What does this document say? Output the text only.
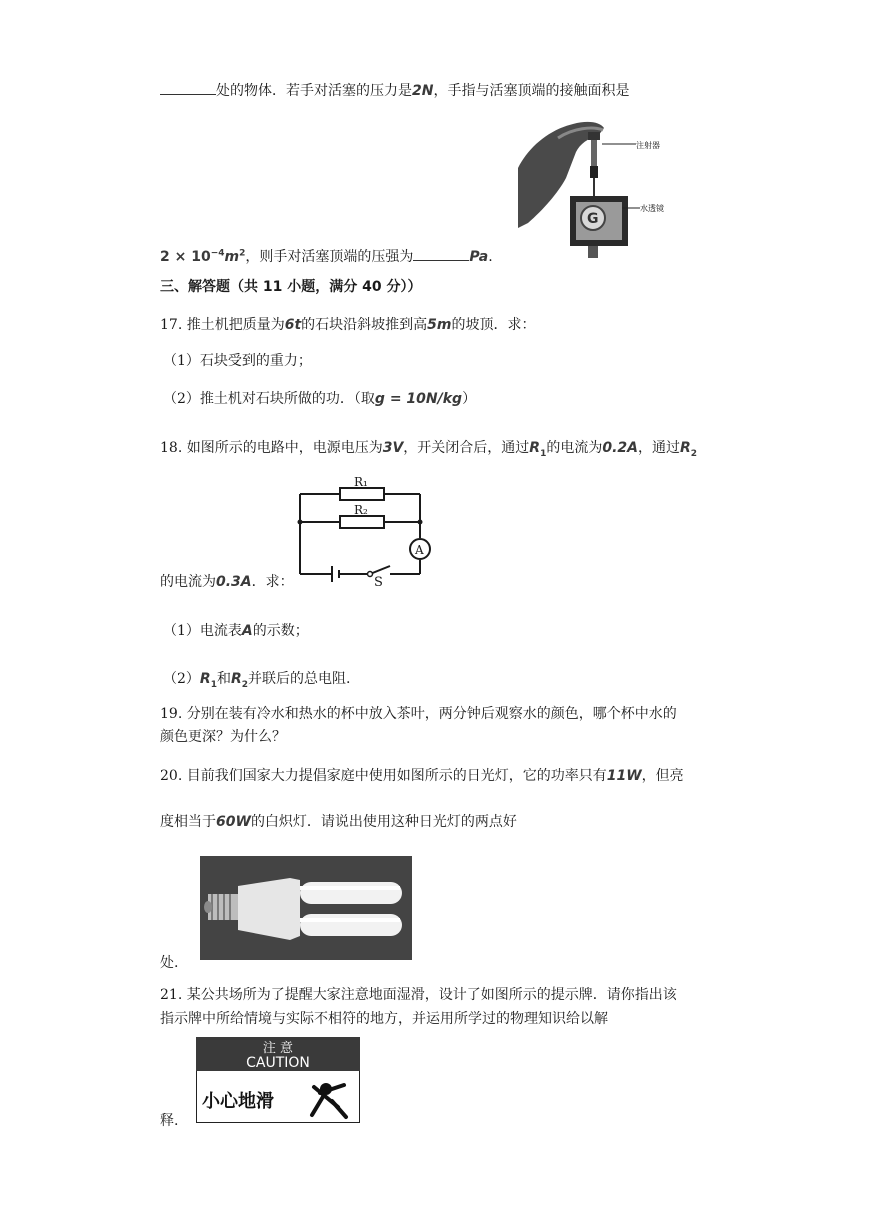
处的物体．若手对活塞的压力是2N，手指与活塞顶端的接触面积是
注射器
G
水透镜
$2 \times 10^{-4}m^2$，则手对活塞顶端的压强为	Pa.
三、解答题（共 11 小题，满分 40 分））
17. 推土机把质量为6t的石块沿斜坡推到高5m的坡顶．求：
（1）石块受到的重力；
（2）推土机对石块所做的功．（取g = 10N/kg）
18. 如图所示的电路中，电源电压为3V，开关闭合后，通过$R_1$的电流为0.2A，通过$R_2$
R₁
R₂
A
S
的电流为0.3A．求：
（1）电流表A的示数；
$(2)R_1$和$R_2$并联后的总电阻.
19. 分别在装有冷水和热水的杯中放入茶叶，两分钟后观察水的颜色，哪个杯中水的
颜色更深？为什么？
20. 目前我们国家大力提倡家庭中使用如图所示的日光灯，它的功率只有11W，但亮
度相当于60W的白炽灯．请说出使用这种日光灯的两点好
处.
21. 某公共场所为了提醒大家注意地面湿滑，设计了如图所示的提示牌．请你指出该
指示牌中所给情境与实际不相符的地方，并运用所学过的物理知识给以解
注 意
CAUTION
小心地滑
释.
